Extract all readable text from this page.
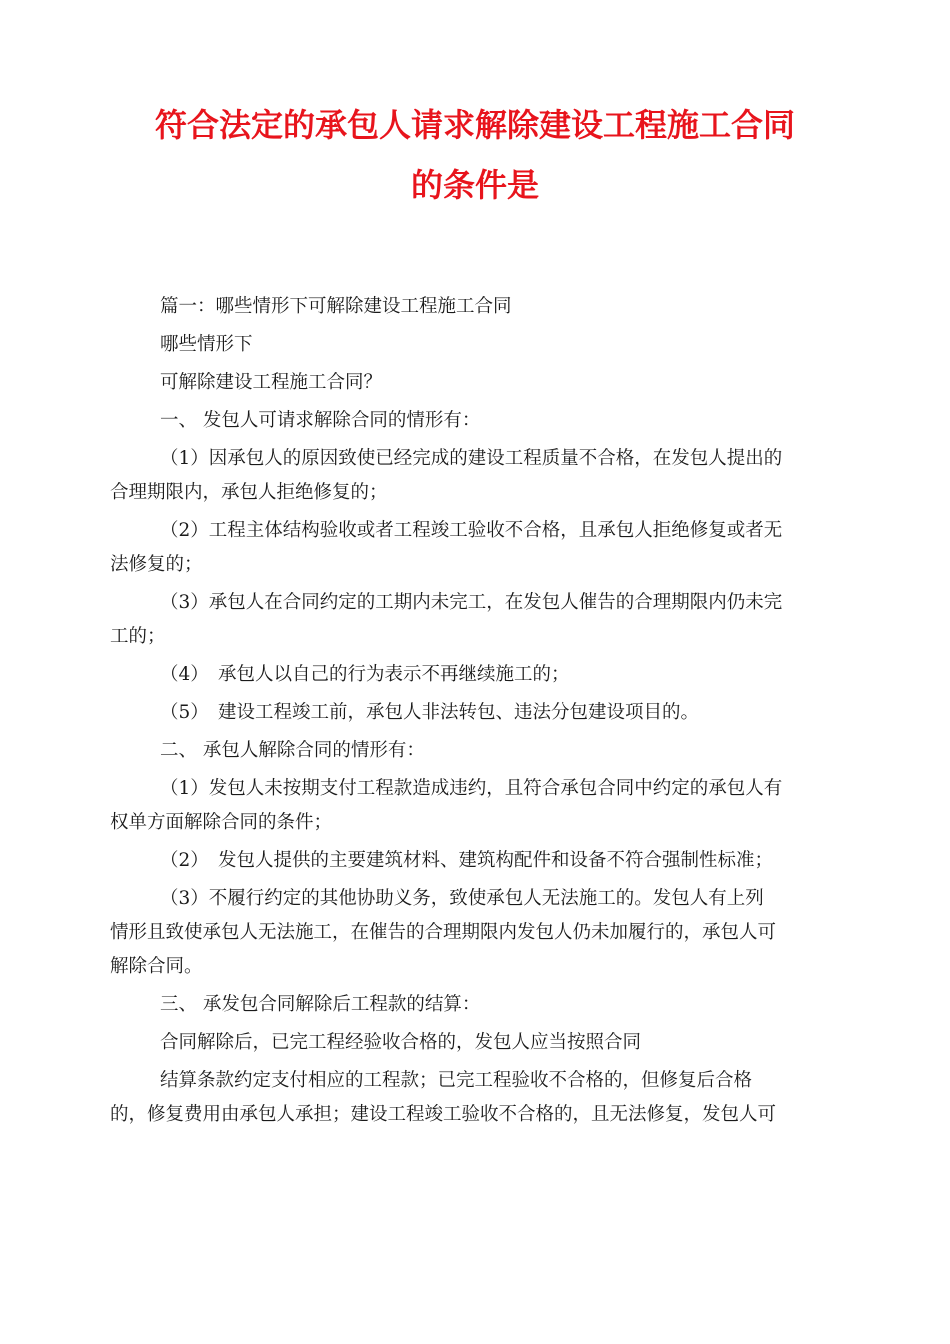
符合法定的承包人请求解除建设工程施工合同
的条件是

篇一：哪些情形下可解除建设工程施工合同

哪些情形下

可解除建设工程施工合同？

一、 发包人可请求解除合同的情形有：

（1）因承包人的原因致使已经完成的建设工程质量不合格，在发包人提出的

合理期限内，承包人拒绝修复的；

（2）工程主体结构验收或者工程竣工验收不合格，且承包人拒绝修复或者无

法修复的；

（3）承包人在合同约定的工期内未完工，在发包人催告的合理期限内仍未完

工的；

（4）　承包人以自己的行为表示不再继续施工的；

（5）　建设工程竣工前，承包人非法转包、违法分包建设项目的。

二、 承包人解除合同的情形有：

（1）发包人未按期支付工程款造成违约，且符合承包合同中约定的承包人有

权单方面解除合同的条件；

（2）　发包人提供的主要建筑材料、建筑构配件和设备不符合强制性标准；

（3）不履行约定的其他协助义务，致使承包人无法施工的。发包人有上列

情形且致使承包人无法施工，在催告的合理期限内发包人仍未加履行的，承包人可

解除合同。

三、 承发包合同解除后工程款的结算：

合同解除后，已完工程经验收合格的，发包人应当按照合同

结算条款约定支付相应的工程款；已完工程验收不合格的，但修复后合格

的，修复费用由承包人承担；建设工程竣工验收不合格的，且无法修复，发包人可
